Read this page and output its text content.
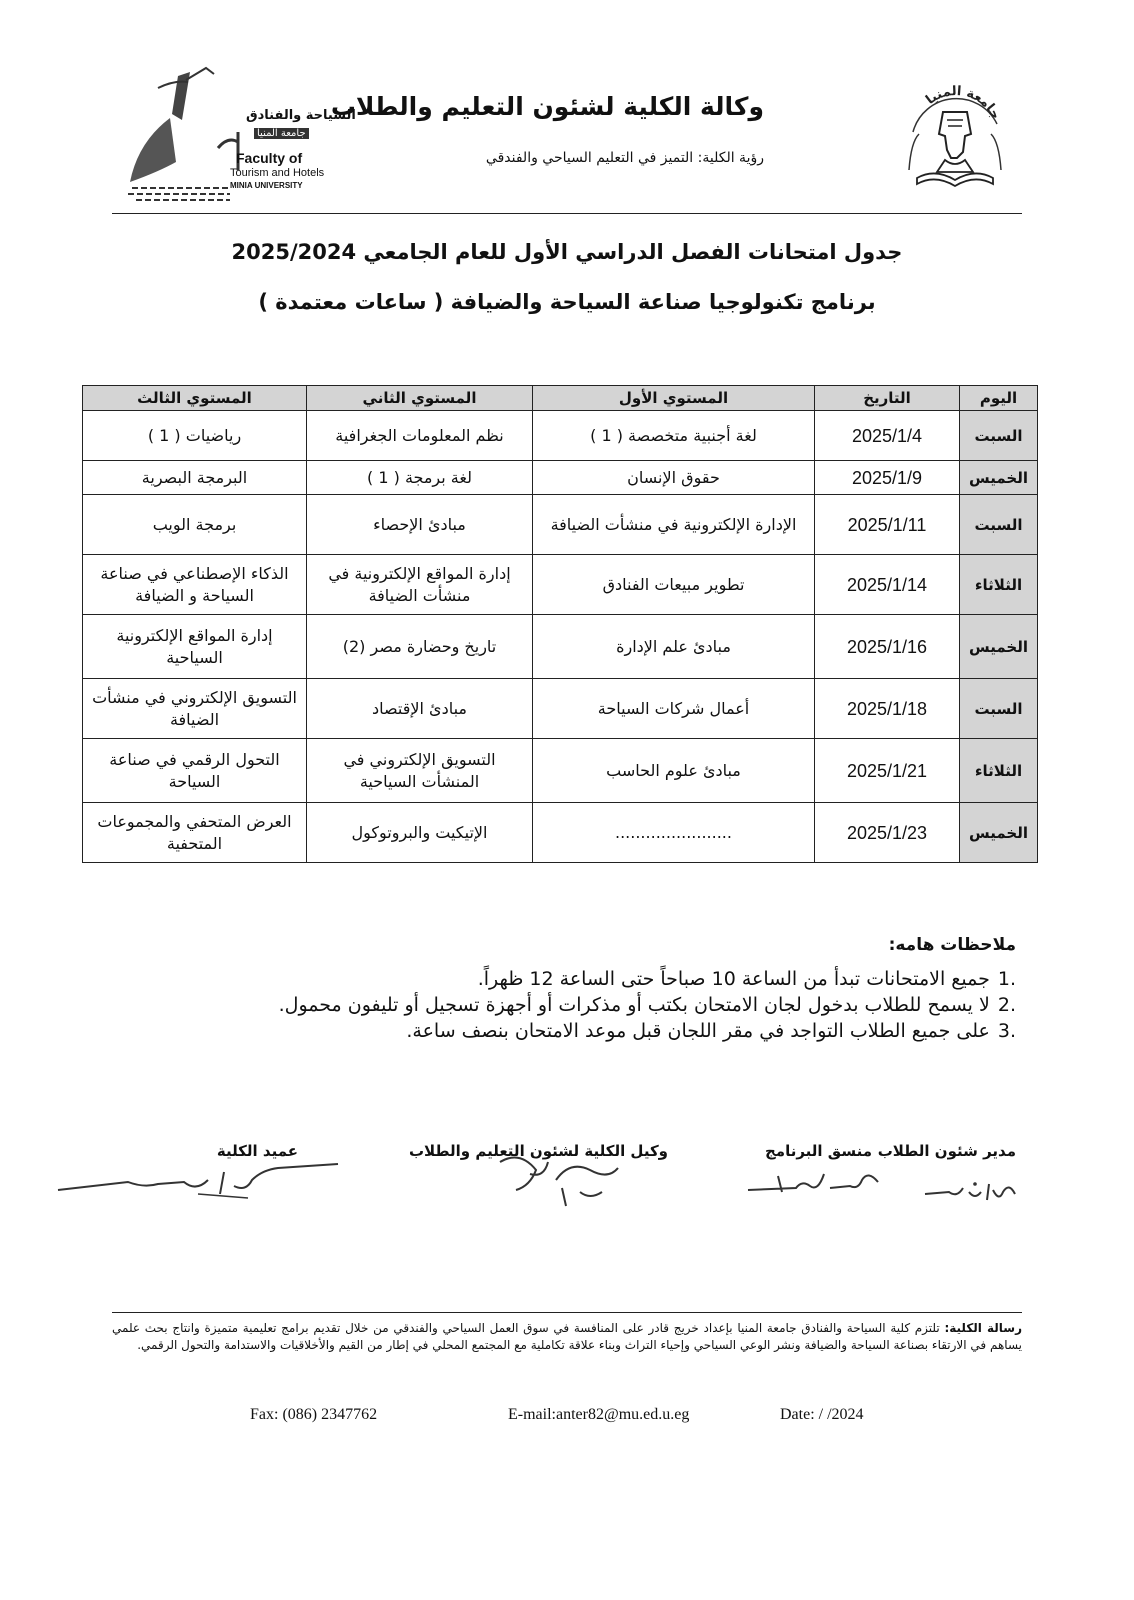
جامعة المنيا
السياحة والفنادق
جامعة المنيا
Faculty of
Tourism and Hotels
MINIA UNIVERSITY
وكالة الكلية لشئون التعليم والطلاب
رؤية الكلية: التميز في التعليم السياحي والفندقي
جدول امتحانات الفصل الدراسي الأول للعام الجامعي 2025/2024
برنامج تكنولوجيا صناعة السياحة والضيافة ( ساعات معتمدة )
اليوم	التاريخ	المستوي الأول	المستوي الثاني	المستوي الثالث
السبت	2025/1/4	لغة أجنبية متخصصة ( 1 )	نظم المعلومات الجغرافية	رياضيات ( 1 )
الخميس	2025/1/9	حقوق الإنسان	لغة برمجة ( 1 )	البرمجة البصرية
السبت	2025/1/11	الإدارة الإلكترونية في منشأت الضيافة	مبادئ الإحصاء	برمجة الويب
الثلاثاء	2025/1/14	تطوير مبيعات الفنادق	إدارة المواقع الإلكترونية في منشأت الضيافة	الذكاء الإصطناعي في صناعة السياحة و الضيافة
الخميس	2025/1/16	مبادئ علم الإدارة	تاريخ وحضارة مصر (2)	إدارة المواقع الإلكترونية السياحية
السبت	2025/1/18	أعمال شركات السياحة	مبادئ الإقتصاد	التسويق الإلكتروني في منشأت الضيافة
الثلاثاء	2025/1/21	مبادئ علوم الحاسب	التسويق الإلكتروني في المنشأت السياحية	التحول الرقمي في صناعة السياحة
الخميس	2025/1/23	.......................	الإتيكيت والبروتوكول	العرض المتحفي والمجموعات المتحفية
ملاحظات هامه:
.1جميع الامتحانات تبدأ من الساعة 10 صباحاً حتى الساعة 12 ظهراً.
.2لا يسمح للطلاب بدخول لجان الامتحان بكتب أو مذكرات أو أجهزة تسجيل أو تليفون محمول.
.3على جميع الطلاب التواجد في مقر اللجان قبل موعد الامتحان بنصف ساعة.
مدير شئون الطلاب
منسق البرنامج
وكيل الكلية لشئون التعليم والطلاب
عميد الكلية
رسالة الكلية: تلتزم كلية السياحة والفنادق جامعة المنيا بإعداد خريج قادر على المنافسة في سوق العمل السياحي والفندقي من خلال تقديم برامج تعليمية متميزة وانتاج بحث علمي يساهم في الارتقاء بصناعة السياحة والضيافة ونشر الوعي السياحي وإحياء التراث وبناء علاقة تكاملية مع المجتمع المحلي في إطار من القيم والأخلاقيات والاستدامة والتحول الرقمي.
Fax: (086) 2347762	E-mail:anter82@mu.ed.u.eg	Date: / /2024
